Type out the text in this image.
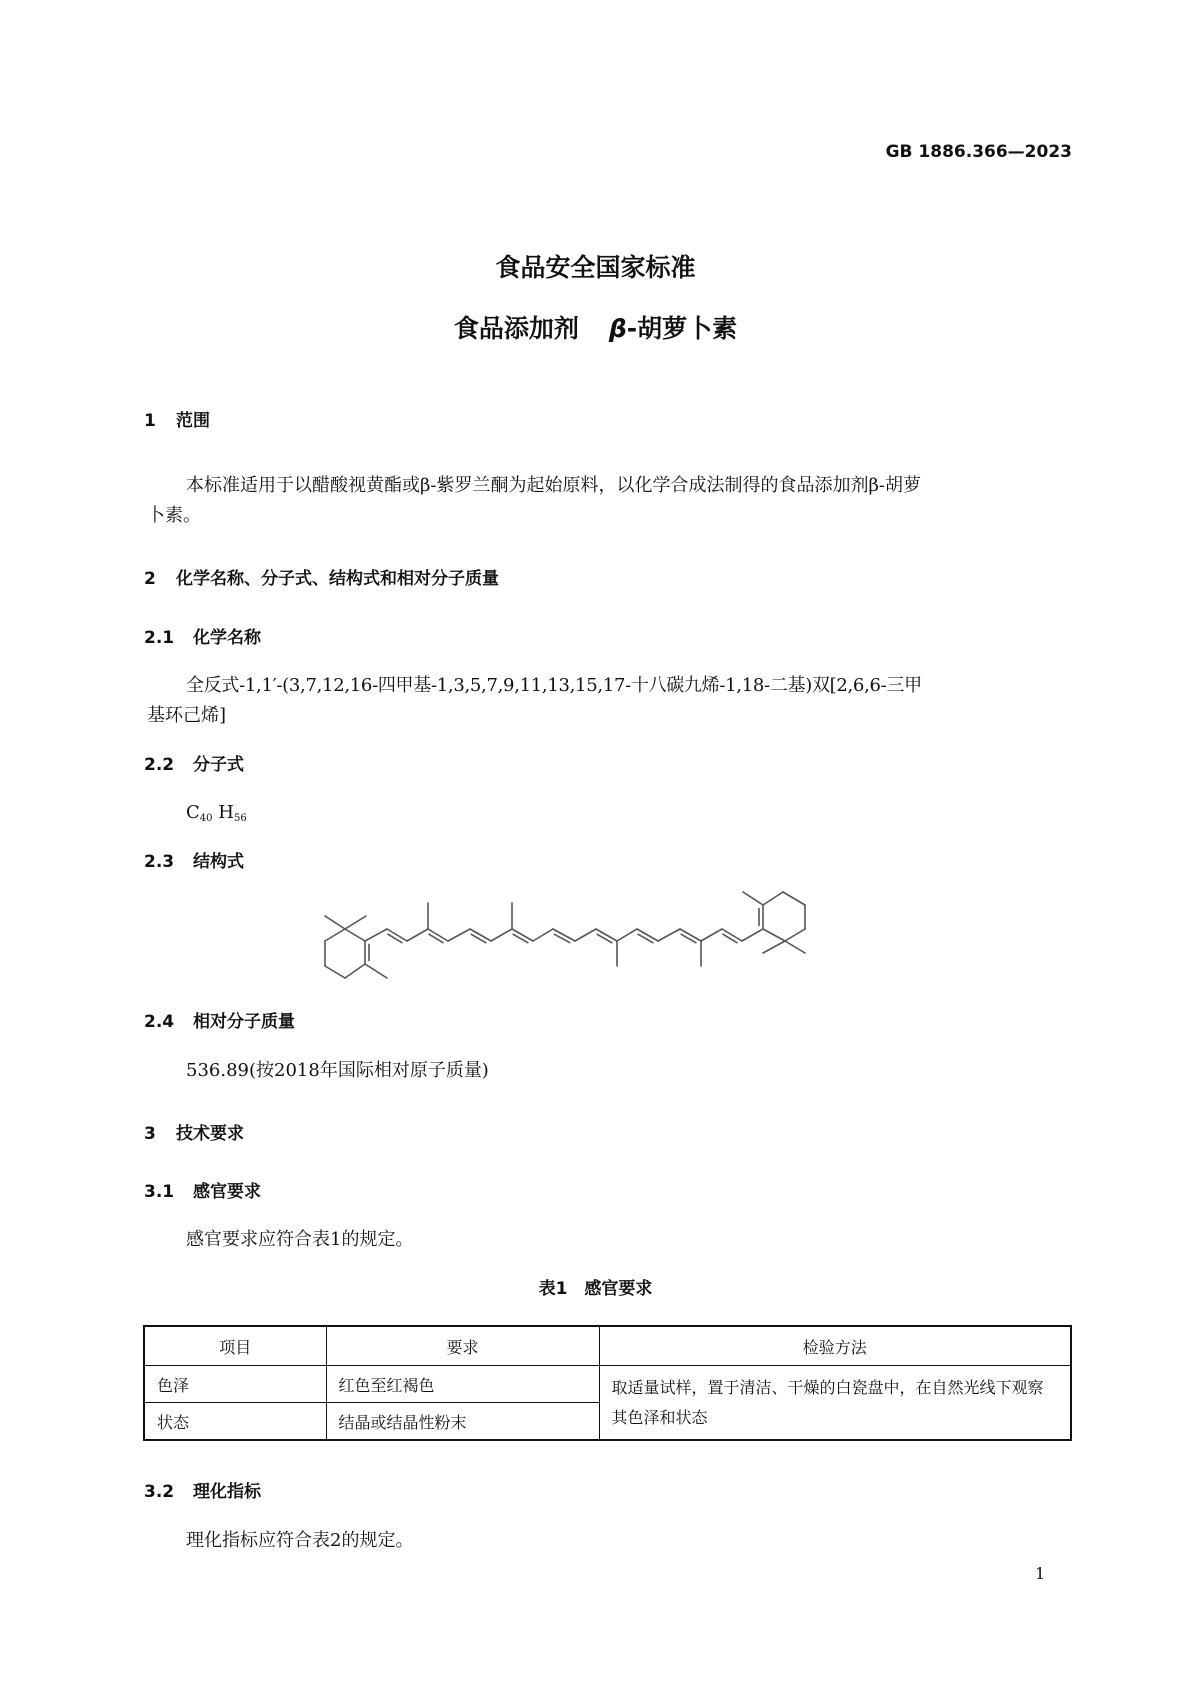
GB 1886.366—2023
食品安全国家标准
食品添加剂 β-胡萝卜素
1 范围
本标准适用于以醋酸视黄酯或β-紫罗兰酮为起始原料，以化学合成法制得的食品添加剂β-胡萝
卜素。
2 化学名称、分子式、结构式和相对分子质量
2.1 化学名称
全反式-1,1′-(3,7,12,16-四甲基-1,3,5,7,9,11,13,15,17-十八碳九烯-1,18-二基)双[2,6,6-三甲
基环己烯]
2.2 分子式
$C_{40}$ $H_{56}$
2.3 结构式
2.4 相对分子质量
536.89(按2018年国际相对原子质量)
3 技术要求
3.1 感官要求
感官要求应符合表1的规定。
表1　感官要求
项目	要求	检验方法
色泽	红色至红褐色	取适量试样，置于清洁、干燥的白瓷盘中，在自然光线下观察其色泽和状态
状态	结晶或结晶性粉末	
3.2 理化指标
理化指标应符合表2的规定。
1
